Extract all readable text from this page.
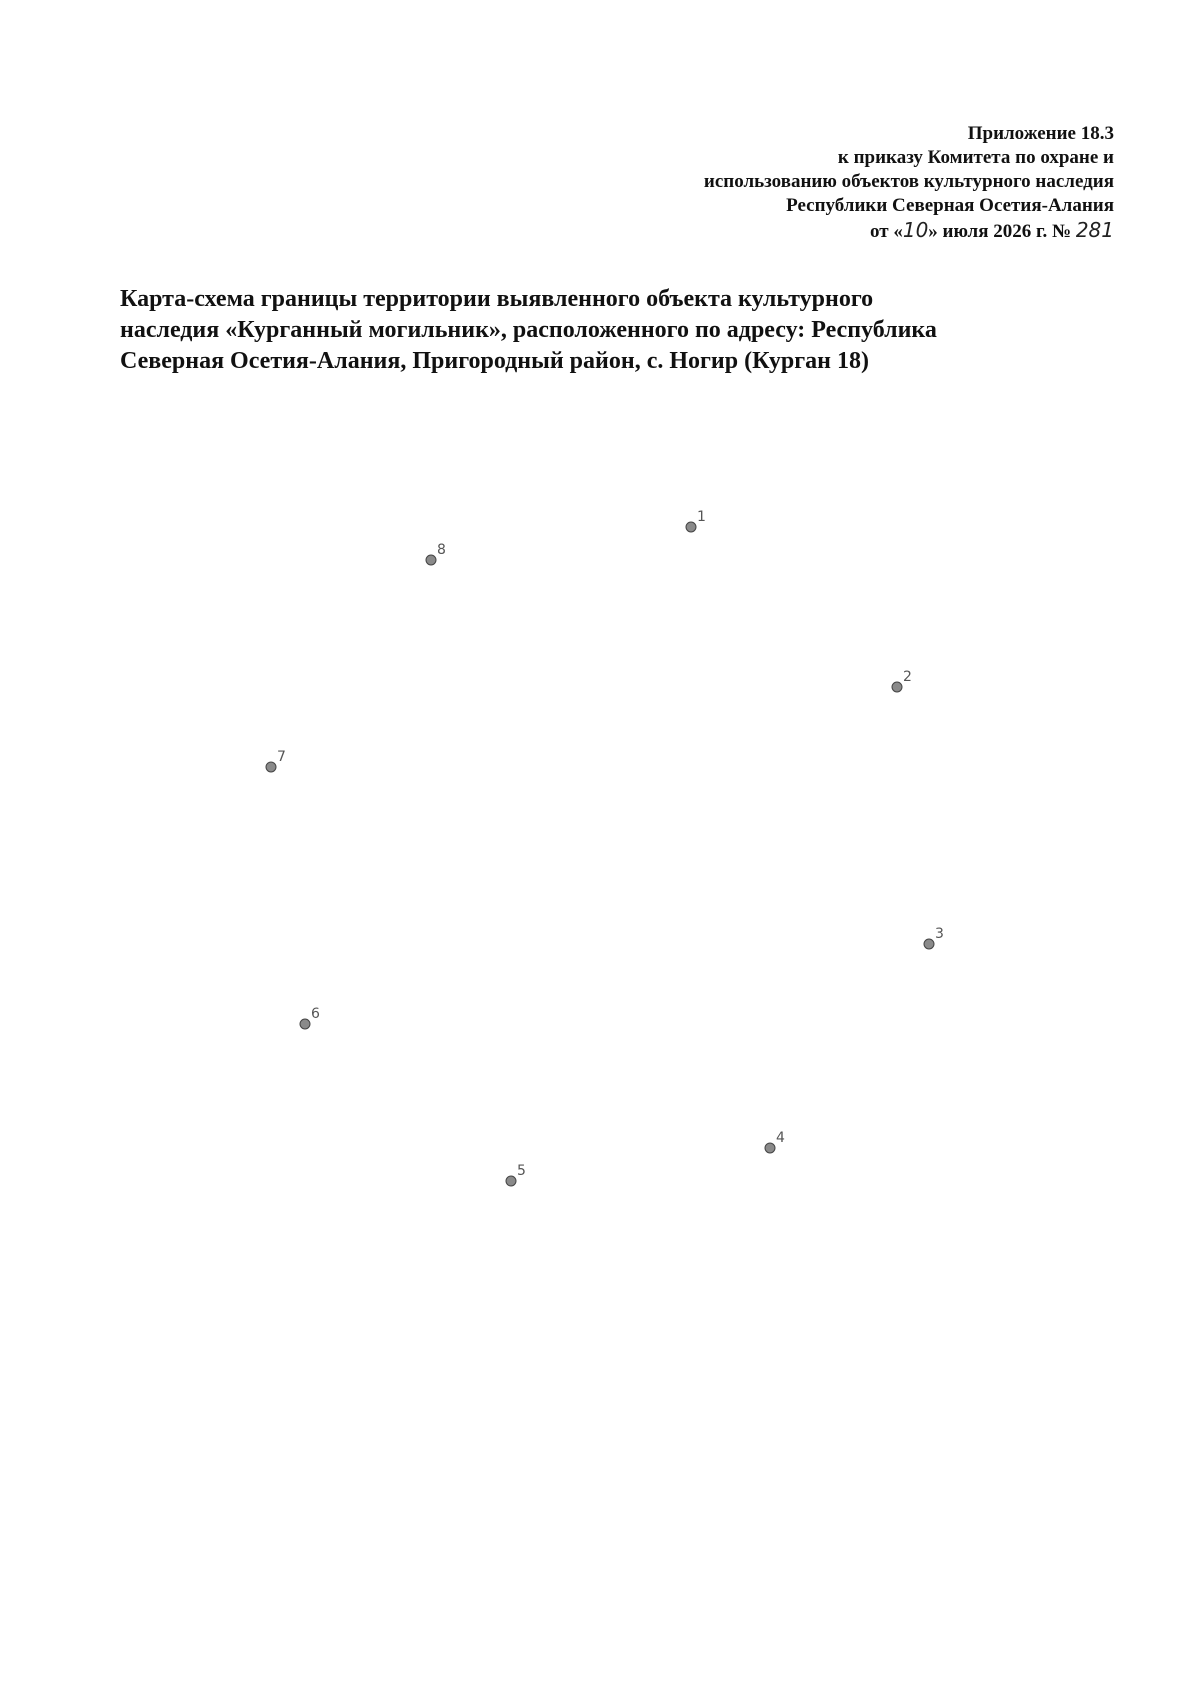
Приложение 18.3
к приказу Комитета по охране и
использованию объектов культурного наследия
Республики Северная Осетия-Алания
от «10» июля 2026 г. № 281
Карта-схема границы территории выявленного объекта культурного
наследия «Курганный могильник», расположенного по адресу: Республика
Северная Осетия-Алания, Пригородный район, с. Ногир (Курган 18)
1
2
3
4
5
6
7
8
